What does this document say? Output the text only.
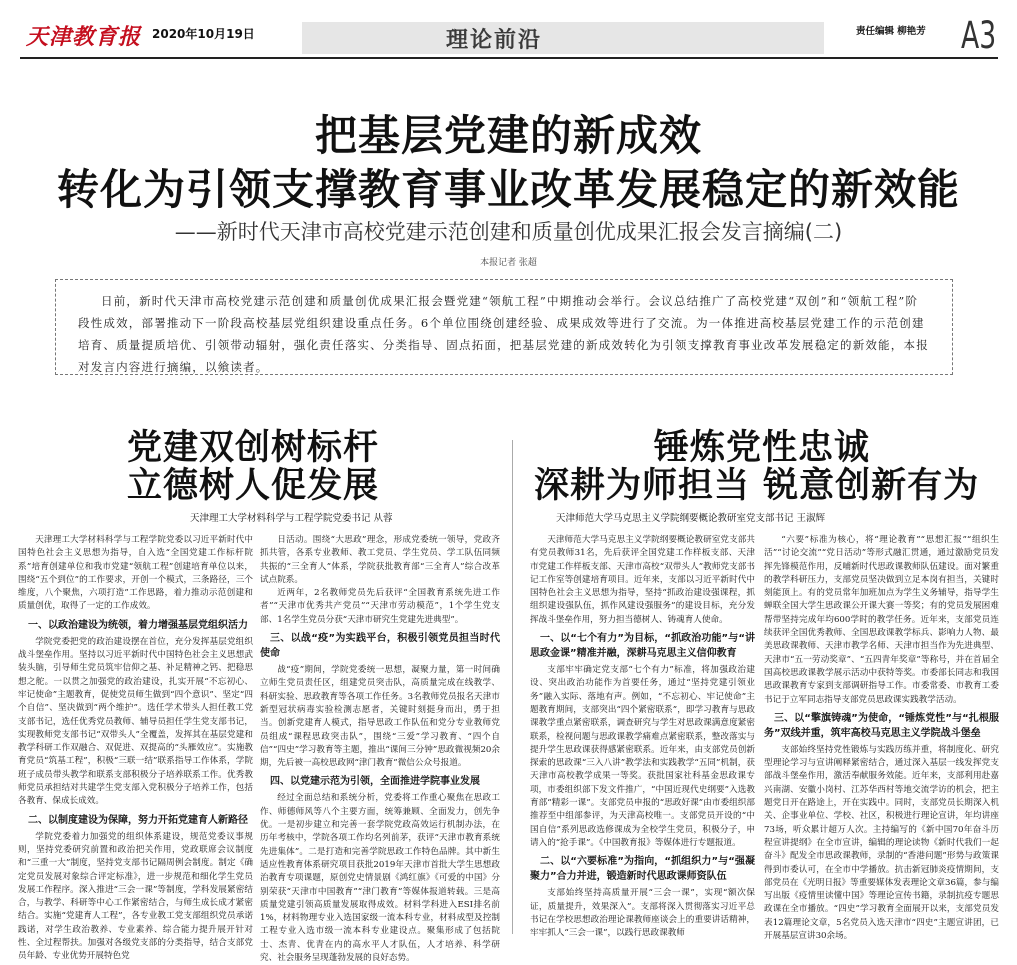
天津教育报 2020年10月19日	理论前沿	责任编辑 柳艳芳 A3
把基层党建的新成效
转化为引领支撑教育事业改革发展稳定的新效能
——新时代天津市高校党建示范创建和质量创优成果汇报会发言摘编(二)
本报记者 张超
日前，新时代天津市高校党建示范创建和质量创优成果汇报会暨党建“领航工程”中期推动会举行。会议总结推广了高校党建“双创”和“领航工程”阶段性成效，部署推动下一阶段高校基层党组织建设重点任务。6个单位围绕创建经验、成果成效等进行了交流。为一体推进高校基层党建工作的示范创建培育、质量提质培优、引领带动辐射，强化责任落实、分类指导、固点拓面，把基层党建的新成效转化为引领支撑教育事业改革发展稳定的新效能，本报对发言内容进行摘编，以飨读者。
党建双创树标杆
立德树人促发展
天津理工大学材料科学与工程学院党委书记 从蓉
锤炼党性忠诚
深耕为师担当 锐意创新有为
天津师范大学马克思主义学院纲要概论教研室党支部书记 王淑辉

天津理工大学材料科学与工程学院党委以习近平新时代中国特色社会主义思想为指导，自入选“全国党建工作标杆院系”培育创建单位和我市党建“领航工程”创建培育单位以来，围绕“五个到位”的工作要求，开创一个模式，三条路径，三个维度，八个聚焦，六项打造”工作思路，着力推动示范创建和质量创优，取得了一定的工作成效。

一、以政治建设为统领，着力增强基层党组织活力

学院党委把党的政治建设摆在首位，充分发挥基层党组织战斗堡垒作用。坚持以习近平新时代中国特色社会主义思想武装头脑，引导师生党员筑牢信仰之基、补足精神之钙、把稳思想之舵。一以贯之加强党的政治建设，扎实开展“不忘初心、牢记使命”主题教育，促使党员师生做到“四个意识”、坚定“四个自信”、坚决做到“两个维护”。选任学术带头人担任教工党支部书记，选任优秀党员教师、辅导员担任学生党支部书记，实现教师党支部书记“双带头人”全覆盖，发挥其在基层党建和教学科研工作双融合、双促进、双提高的“头雁效应”。实施教育党员“筑基工程”，积极“三联一结”联系指导工作体系，学院班子成员带头教学和联系支部积极分子培养联系工作。优秀教师党员承担结对共建学生党支部入党积极分子培养工作，包括各教育、保成长成效。

二、以制度建设为保障，努力开拓党建育人新路径

学院党委着力加强党的组织体系建设，规范党委议事规则，坚持党委研究前置和政治把关作用，党政联席会议制度和“三重一大”制度，坚持党支部书记隔周例会制度。制定《确定党员发展对象综合评定标准》，进一步规范和细化学生党员发展工作程序。深入推进“三会一课”等制度，学科发展紧密结合，与教学、科研等中心工作紧密结合，与师生成长成才紧密结合。实施“党建育人工程”，各专业教工党支部组织党员承诺践诺，对学生政治教养、专业素养、综合能力提升展开针对性、全过程帮扶。加强对各级党支部的分类指导，结合支部党员年龄、专业优势开展特色党

日活动。围绕“大思政”理念，形成党委统一领导，党政齐抓共管，各系专业教师、教工党员、学生党员、学工队伍同频共振的“三全育人”体系，学院获批教育部“三全育人”综合改革试点院系。

近两年，2名教师党员先后获评“全国教育系统先进工作者”“天津市优秀共产党员”“天津市劳动模范”，1个学生党支部、1名学生党员分获“天津市研究生党建先进典型”。

三、以战“疫”为实践平台，积极引领党员担当时代使命

战“疫”期间，学院党委统一思想，凝聚力量，第一时间确立师生党员责任区，组建党员突击队，高质量完成在线教学、科研实验、思政教育等各项工作任务。3名教师党员报名天津市新型冠状病毒实验检测志愿者，关键时刻挺身而出，勇于担当。创新党建育人模式，指导思政工作队伍和党分专业教师党员组成“课程思政突击队”，围绕“三爱”学习教育、“四个自信”“四史”学习教育等主题，推出“课间三分钟”思政微视频20余期，先后被一高校思政网“津门教育”微信公众号报道。

四、以党建示范为引领，全面推进学院事业发展

经过全面总结和系统分析，党委将工作重心聚焦在思政工作、师德师风等八个主要方面，统筹兼顾、全面发力，创先争优。一是初步建立和完善一套学院党政高效运行机制办法，在历年考核中，学院各项工作均名列前茅，获评“天津市教育系统先进集体”。二是打造和完善学院思政工作特色品牌。其中新生适应性教育体系研究项目获批2019年天津市首批大学生思想政治教育专项课题，原创党史情景剧《鸿红旗》《可爱的中国》分别荣获“天津市中国教育”“津门教育”等媒体报道转载。三是高质量党建引领高质量发展取得成效。材料学科进入ESI排名前1%，材料物理专业入选国家级一流本科专业，材料成型及控制工程专业入选市级一流本科专业建设点。聚集形成了包括院士、杰青、优青在内的高水平人才队伍，人才培养、科学研究、社会服务呈现蓬勃发展的良好态势。

天津师范大学马克思主义学院纲要概论教研室党支部共有党员教师31名，先后获评全国党建工作样板支部、天津市党建工作样板支部、天津市高校“双带头人”教师党支部书记工作室等创建培育项目。近年来，支部以习近平新时代中国特色社会主义思想为指导，坚持“抓政治建设强课程，抓组织建设强队伍，抓作风建设强服务”的建设目标，充分发挥战斗堡垒作用，努力担当德树人、铸魂育人使命。

一、以“七个有力”为目标，“抓政治功能”与“讲思政金课”精准并融，深耕马克思主义信仰教育

支部牢牢确定党支部“七个有力”标准，将加强政治建设、突出政治功能作为首要任务，通过“坚持党建引领业务”融入实际、落地有声。例如，“不忘初心、牢记使命”主题教育期间，支部突出“四个紧密联系”，即学习教育与思政课教学重点紧密联系，调查研究与学生对思政课满意度紧密联系，检视问题与思政课教学痛难点紧密联系，整改落实与提升学生思政课获得感紧密联系。近年来，由支部党员创新探索的思政课“三入八讲”教学法和实践教学“五同”机制，获天津市高校教学成果一等奖。获批国家社科基金思政课专项，市委组织部下发文件推广，“中国近现代史纲要”入选教育部“精彩一课”。支部党员申报的“思政好课”由市委组织部推荐至中组部参评，为天津高校唯一。支部党员开设的“中国自信”系列思政选修课成为全校学生党员，积极分子，申请入的“抢手课”。《中国教育报》等媒体进行专题报道。

二、以“六要标准”为指向，“抓组织力”与“强凝聚力”合力并进，锻造新时代思政课师资队伍

支部始终坚持高质量开展“三会一课”，实现“额次保证，质量提升，效果深入”。支部将深入贯彻落实习近平总书记在学校思想政治理论课教师座谈会上的重要讲话精神，牢牢抓人“三会一课”，以践行思政课教师

“六要”标准为核心，将“理论教育”“思想汇报”“组织生活”“讨论交流”“党日活动”等形式融汇贯通，通过激励党员发挥先锋模范作用，反哺新时代思政课教师队伍建设。面对繁重的教学科研压力，支部党员坚决做到立足本岗有担当，关键时刻能顶上。有的党员常年加班加点为学生义务辅导，指导学生蝉联全国大学生思政课公开课大赛一等奖；有的党员发展困难帮带坚持完成年均600学时的教学任务。近年来，支部党员连续获评全国优秀教师、全国思政课教学标兵、影响力人物、最美思政课教师、天津市教学名师、天津市担当作为先进典型、天津市“五一劳动奖章”、“五四青年奖章”等称号，并在首届全国高校思政课教学展示活动中获特等奖。市委部长同志和我国思政课教育专家到支部调研指导工作。市委常委、市教育工委书记于立军同志指导支部党员思政课实践教学活动。

三、以“擎旗铸魂”为使命，“锤炼党性”与“扎根服务”双线并重，筑牢高校马克思主义学院战斗堡垒

支部始终坚持党性锻炼与实践历练并重，将制度化、研究型理论学习与宣讲阐释紧密结合，通过深入基层一线发挥党支部战斗堡垒作用，激活奉献服务效能。近年来，支部利用赴嘉兴南湖、安徽小岗村、江苏华西村等地交流学访的机会，把主题党日开在路途上，开在实践中。同时，支部党员长期深入机关、企事业单位、学校、社区，积极进行理论宣讲，年均讲座73场，听众累计超万人次。主持编写的《新中国70年奋斗历程宣讲提纲》在全市宣讲，编辑的理论读物《新时代我们一起奋斗》配发全市思政课教师，录制的“香港问题”形势与政策课得到市委认可，在全市中学播放。抗击新冠肺炎疫情期间，支部党员在《光明日报》等重要媒体发表理论文章36篇，参与编写出版《疫情里读懂中国》等理论宣传书籍，录制抗疫专题思政课在全市播放。“四史”学习教育全面展开以来，支部党员发表12篇理论文章，5名党员入选天津市“四史”主题宣讲团，已开展基层宣讲30余场。
